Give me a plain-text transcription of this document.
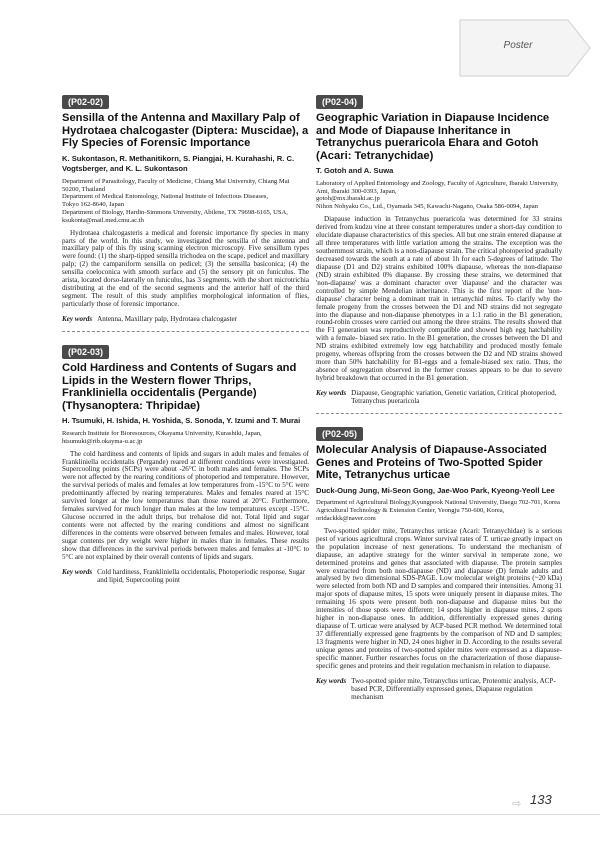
Poster
(P02-02)
Sensilla of the Antenna and Maxillary Palp of Hydrotaea chalcogaster (Diptera: Muscidae), a Fly Species of Forensic Importance
K. Sukontason, R. Methanitikorn, S. Piangjai, H. Kurahashi, R. C. Vogtsberger, and K. L. Sukontason
Department of Parasitology, Faculty of Medicine, Chiang Mai University, Chiang Mai 50200, Thailand
Department of Medical Entomology, National Institute of Infectious Diseases,
Tokyo 162-8640, Japan
Department of Biology, Hardin-Simmons University, Abilene, TX 79698-6165, USA, ksukonta@mail.med.cmu.ac.th

Hydrotaea chalcogasteris a medical and forensic importance fly species in many parts of the world. In this study, we investigated the sensilla of the antenna and maxillary palp of this fly using scanning electron microscopy. Five sensillum types were found: (1) the sharp-tipped sensilla trichodea on the scape, pedicel and maxillary palp; (2) the campaniform sensilla on pedicel; (3) the sensilla basiconica; (4) the sensilla coeloconica with smooth surface and (5) the sensory pit on funiculus. The arista, located dorso-laterally on funiculus, has 3 segments, with the short microtrichia distributing at the end of the second segments and the anterior half of the third segment. The result of this study amplifies morphological information of flies, particularly those of forensic importance.

Key words Antenna, Maxillary palp, Hydrotaea chalcogaster
(P02-03)
Cold Hardiness and Contents of Sugars and Lipids in the Western flower Thrips, Frankliniella occidentalis (Pergande) (Thysanoptera: Thripidae)
H. Tsumuki, H. Ishida, H. Yoshida, S. Sonoda, Y. Izumi and T. Murai
Research Institute for Bioresources, Okayama University, Kurashiki, Japan, htsumuki@rib.okayma-u.ac.jp

The cold hardiness and contents of lipids and sugars in adult males and females of Frankliniella occidentalis (Pergande) reared at different conditions were investigated. Supercooling points (SCPs) were about -26°C in both males and females. The SCPs were not affected by the rearing conditions of photoperiod and temperature. However, the survival periods of males and females at low temperatures from -15°C to 5°C were predominantly affected by rearing temperatures. Males and females reared at 15°C survived longer at the low temperatures than those reared at 20°C. Furthermore, females survived for much longer than males at the low temperatures except -15°C. Glucose occurred in the adult thrips, but trehalose did not. Total lipid and sugar contents were not affected by the rearing conditions and almost no significant differences in the contents were observed between females and males. However, total sugar contents per dry weight were higher in males than in females. These results show that differences in the survival periods between males and females at -10°C to 5°C are not explained by their overall contents of lipids and sugars.

Key words Cold hardiness, Frankliniella occidentalis, Photoperiodic response, Sugar and lipid, Supercooling point
(P02-04)
Geographic Variation in Diapause Incidence and Mode of Diapause Inheritance in Tetranychus pueraricola Ehara and Gotoh (Acari: Tetranychidae)
T. Gotoh and A. Suwa
Laboratory of Applied Entomology and Zoology, Faculty of Agriculture, Ibaraki University, Ami, Ibaraki 300-0393, Japan,
gotoh@mx.ibaraki.ac.jp
Nihon Nohyaku Co., Ltd., Oyamada 345, Kawachi-Nagano, Osaka 586-0094, Japan

Diapause induction in Tetranychus pueraricola was determined for 33 strains derived from kudzu vine at three constant temperatures under a short-day condition to elucidate diapause characteristics of this species. All but one strain entered diapause at all three temperatures with little variation among the strains. The exception was the southernmost strain, which is a non-diapause strain. The critical photoperiod gradually decreased towards the south at a rate of about 1h for each 5-degrees of latitude. The diapause (D1 and D2) strains exhibited 100% diapause, whereas the non-diapause (ND) strain exhibited 0% diapause. By crossing these strains, we determined that 'non-diapause' was a dominant character over 'diapause' and the character was controlled by simple Mendelian inheritance. This is the first report of the 'non- diapause' character being a dominant trait in tetranychid mites. To clarify why the female progeny from the crosses between the D1 and ND strains did not segregate into the diapause and non-diapause phenotypes in a 1:1 ratio in the B1 generation, round-robin crosses were carried out among the three strains. The results showed that the F1 generation was reproductively compatible and showed high egg hatchability with a female- biased sex ratio. In the B1 generation, the crosses between the D1 and ND strains exhibited extremely low egg hatchability and produced mostly female progeny, whereas offspring from the crosses between the D2 and ND strains showed more than 50% hatchability for B1-eggs and a female-biased sex ratio. Thus, the absence of segregation observed in the former crosses appears to be due to severe hybrid breakdown that occurred in the B1 generation.

Key words Diapause, Geographic variation, Genetic variation, Critical photoperiod, Tetranychus pueraricola
(P02-05)
Molecular Analysis of Diapause-Associated Genes and Proteins of Two-Spotted Spider Mite, Tetranychus urticae
Duck-Oung Jung, Mi-Seon Gong, Jae-Woo Park, Kyeong-Yeoll Lee
Department of Agricultural Biology,Kyungpook National University, Daegu 702-701, Korea
Agricultural Technology & Extension Center, Yeongju 750-600, Korea, oridackkk@naver.com

Two-spotted spider mite, Tetranychus urticae (Acari: Tetranychidae) is a serious pest of various agricultural crops. Winter survival rates of T. urticae greatly impact on the population increase of next generations. To understand the mechanism of diapause, an adaptive strategy for the winter survival in temperate zone, we determined proteins and genes that associated with diapause. The protein samples were extracted from both non-diapause (ND) and diapause (D) female adults and analysed by two dimensional SDS-PAGE. Low molecular weight proteins (~20 kDa) were selected from both ND and D samples and compared their intensities. Among 31 major spots of diapause mites, 15 spots were uniquely present in diapause mites. The remaining 16 spots were present both non-diapause and diapause mites but the intensities of those spots were different; 14 spots higher in diapause mites, 2 spots higher in non-diapause ones. In addition, differentially expressed genes during diapause of T. urticae were analysed by ACP-based PCR method. We determined total 37 differentially expressed gene fragments by the comparison of ND and D samples; 13 fragments were higher in ND, 24 ones higher in D. According to the results several unique genes and proteins of two-spotted spider mites were expressed as a diapause-specific manner. Further researches focus on the characterization of those diapause-specific genes and proteins and their regulation mechanism in relation to diapause.

Key words Two-spotted spider mite, Tetranychus urticae, Proteomic analysis, ACP-based PCR, Differentially expressed genes, Diapause regulation mechanism
⇨ 133
